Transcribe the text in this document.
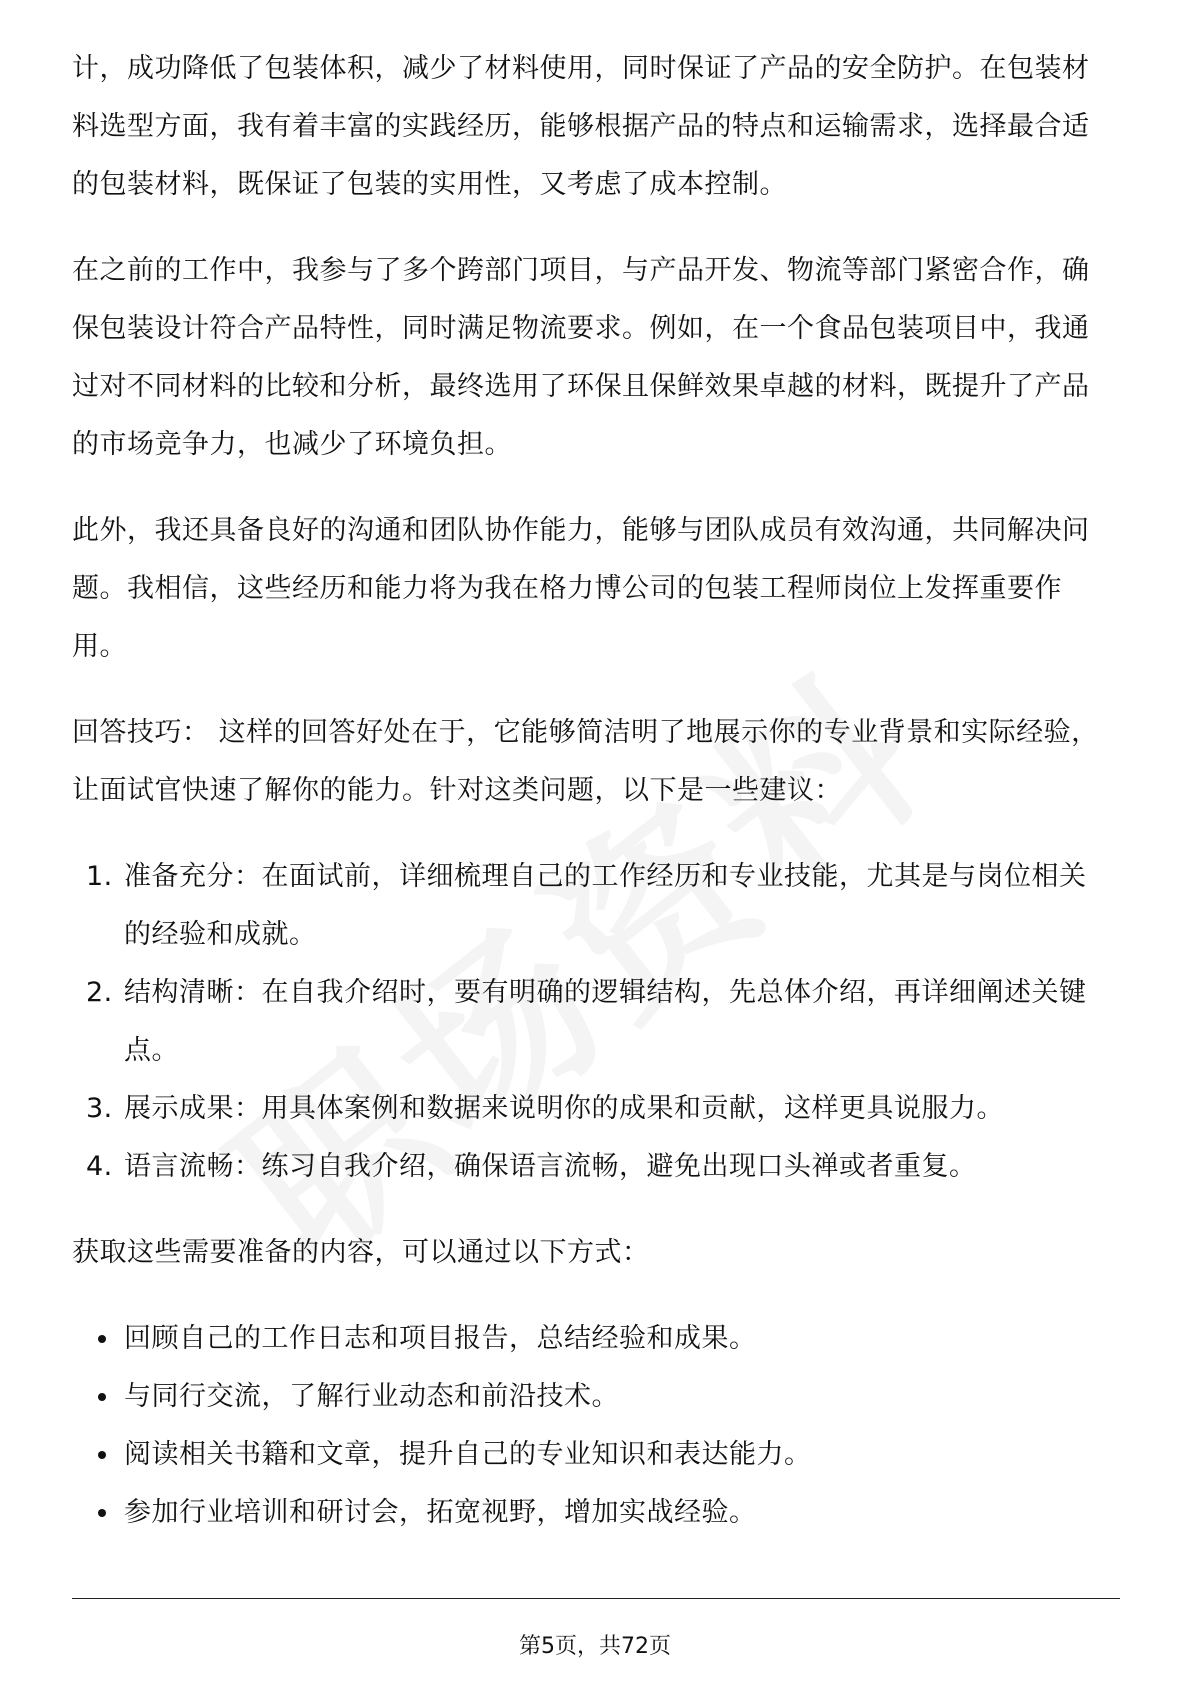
计，成功降低了包装体积，减少了材料使用，同时保证了产品的安全防护。在包装材料选型方面，我有着丰富的实践经历，能够根据产品的特点和运输需求，选择最合适的包装材料，既保证了包装的实用性，又考虑了成本控制。

在之前的工作中，我参与了多个跨部门项目，与产品开发、物流等部门紧密合作，确保包装设计符合产品特性，同时满足物流要求。例如，在一个食品包装项目中，我通过对不同材料的比较和分析，最终选用了环保且保鲜效果卓越的材料，既提升了产品的市场竞争力，也减少了环境负担。

此外，我还具备良好的沟通和团队协作能力，能够与团队成员有效沟通，共同解决问题。我相信，这些经历和能力将为我在格力博公司的包装工程师岗位上发挥重要作用。

回答技巧： 这样的回答好处在于，它能够简洁明了地展示你的专业背景和实际经验，让面试官快速了解你的能力。针对这类问题，以下是一些建议：

1. 准备充分：在面试前，详细梳理自己的工作经历和专业技能，尤其是与岗位相关的经验和成就。
2. 结构清晰：在自我介绍时，要有明确的逻辑结构，先总体介绍，再详细阐述关键点。
3. 展示成果：用具体案例和数据来说明你的成果和贡献，这样更具说服力。
4. 语言流畅：练习自我介绍，确保语言流畅，避免出现口头禅或者重复。

获取这些需要准备的内容，可以通过以下方式：

回顾自己的工作日志和项目报告，总结经验和成果。
与同行交流，了解行业动态和前沿技术。
阅读相关书籍和文章，提升自己的专业知识和表达能力。
参加行业培训和研讨会，拓宽视野，增加实战经验。
第5页，共72页
